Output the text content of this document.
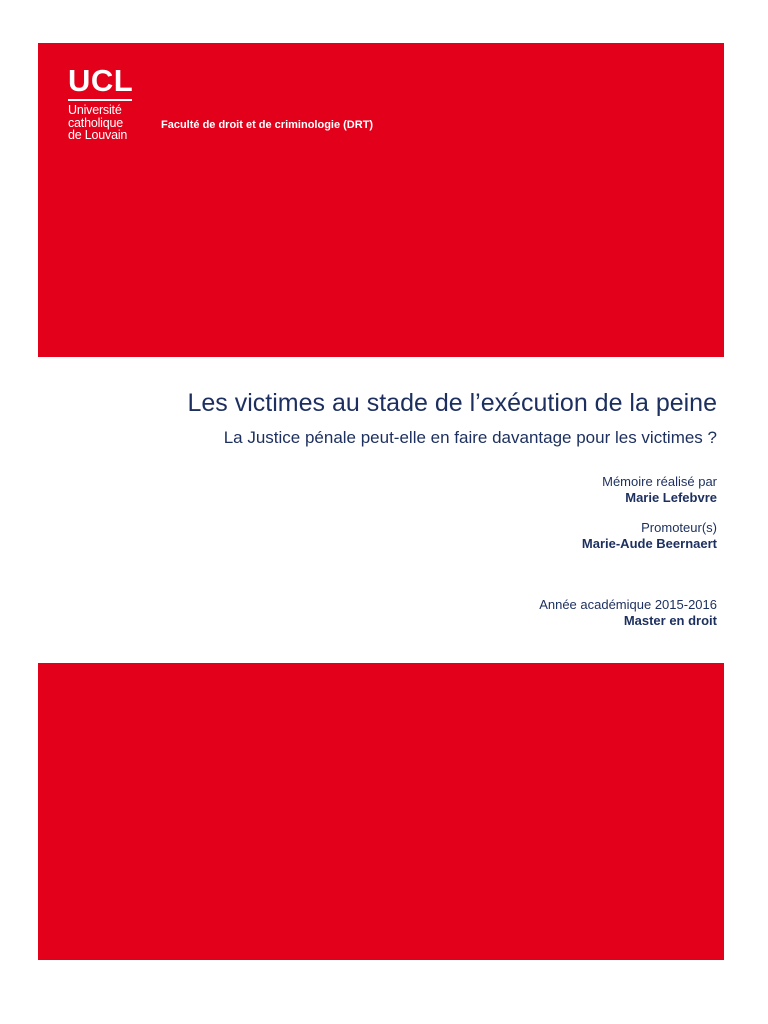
UCL
Université
catholique
de Louvain
Faculté de droit et de criminologie (DRT)
Les victimes au stade de l’exécution de la peine
La Justice pénale peut-elle en faire davantage pour les victimes ?
Mémoire réalisé par
Marie Lefebvre
Promoteur(s)
Marie-Aude Beernaert
Année académique 2015-2016
Master en droit
